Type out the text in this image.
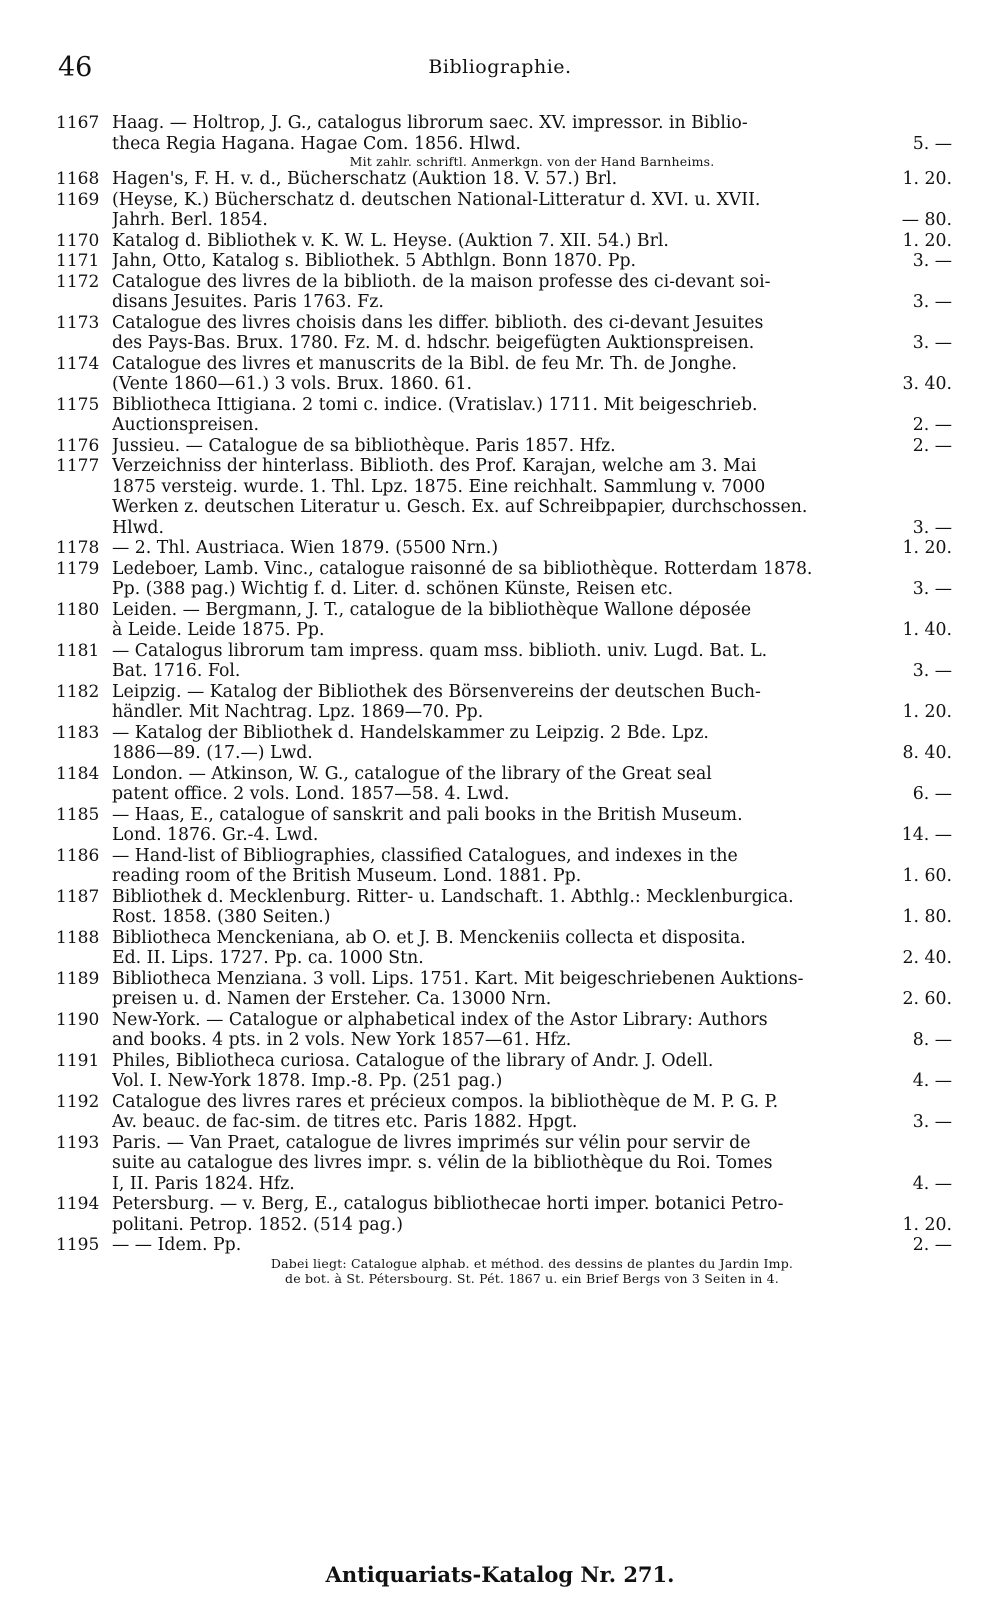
46	Bibliographie.
1167 Haag. — Holtrop, J. G., catalogus librorum saec. XV. impressor. in Biblio-
theca Regia Hagana. Hagae Com. 1856. Hlwd.	5. —
Mit zahlr. schriftl. Anmerkgn. von der Hand Barnheims.
1168 Hagen's, F. H. v. d., Bücherschatz (Auktion 18. V. 57.) Brl.	1. 20.
1169 (Heyse, K.) Bücherschatz d. deutschen National-Litteratur d. XVI. u. XVII.
Jahrh. Berl. 1854.	— 80.
1170 Katalog d. Bibliothek v. K. W. L. Heyse. (Auktion 7. XII. 54.) Brl.	1. 20.
1171 Jahn, Otto, Katalog s. Bibliothek. 5 Abthlgn. Bonn 1870. Pp.	3. —
1172 Catalogue des livres de la biblioth. de la maison professe des ci-devant soi-
disans Jesuites. Paris 1763. Fz.	3. —
1173 Catalogue des livres choisis dans les differ. biblioth. des ci-devant Jesuites
des Pays-Bas. Brux. 1780. Fz. M. d. hdschr. beigefügten Auktionspreisen.	3. —
1174 Catalogue des livres et manuscrits de la Bibl. de feu Mr. Th. de Jonghe.
(Vente 1860—61.) 3 vols. Brux. 1860. 61.	3. 40.
1175 Bibliotheca Ittigiana. 2 tomi c. indice. (Vratislav.) 1711. Mit beigeschrieb.
Auctionspreisen.	2. —
1176 Jussieu. — Catalogue de sa bibliothèque. Paris 1857. Hfz.	2. —
1177 Verzeichniss der hinterlass. Biblioth. des Prof. Karajan, welche am 3. Mai
1875 versteig. wurde. 1. Thl. Lpz. 1875. Eine reichhalt. Sammlung v. 7000
Werken z. deutschen Literatur u. Gesch. Ex. auf Schreibpapier, durchschossen.
Hlwd.	3. —
1178 — 2. Thl. Austriaca. Wien 1879. (5500 Nrn.)	1. 20.
1179 Ledeboer, Lamb. Vinc., catalogue raisonné de sa bibliothèque. Rotterdam 1878.
Pp. (388 pag.) Wichtig f. d. Liter. d. schönen Künste, Reisen etc.	3. —
1180 Leiden. — Bergmann, J. T., catalogue de la bibliothèque Wallone déposée
à Leide. Leide 1875. Pp.	1. 40.
1181 — Catalogus librorum tam impress. quam mss. biblioth. univ. Lugd. Bat. L.
Bat. 1716. Fol.	3. —
1182 Leipzig. — Katalog der Bibliothek des Börsenvereins der deutschen Buch-
händler. Mit Nachtrag. Lpz. 1869—70. Pp.	1. 20.
1183 — Katalog der Bibliothek d. Handelskammer zu Leipzig. 2 Bde. Lpz.
1886—89. (17.—) Lwd.	8. 40.
1184 London. — Atkinson, W. G., catalogue of the library of the Great seal
patent office. 2 vols. Lond. 1857—58. 4. Lwd.	6. —
1185 — Haas, E., catalogue of sanskrit and pali books in the British Museum.
Lond. 1876. Gr.-4. Lwd.	14. —
1186 — Hand-list of Bibliographies, classified Catalogues, and indexes in the
reading room of the British Museum. Lond. 1881. Pp.	1. 60.
1187 Bibliothek d. Mecklenburg. Ritter- u. Landschaft. 1. Abthlg.: Mecklenburgica.
Rost. 1858. (380 Seiten.)	1. 80.
1188 Bibliotheca Menckeniana, ab O. et J. B. Menckeniis collecta et disposita.
Ed. II. Lips. 1727. Pp. ca. 1000 Stn.	2. 40.
1189 Bibliotheca Menziana. 3 voll. Lips. 1751. Kart. Mit beigeschriebenen Auktions-
preisen u. d. Namen der Ersteher. Ca. 13000 Nrn.	2. 60.
1190 New-York. — Catalogue or alphabetical index of the Astor Library: Authors
and books. 4 pts. in 2 vols. New York 1857—61. Hfz.	8. —
1191 Philes, Bibliotheca curiosa. Catalogue of the library of Andr. J. Odell.
Vol. I. New-York 1878. Imp.-8. Pp. (251 pag.)	4. —
1192 Catalogue des livres rares et précieux compos. la bibliothèque de M. P. G. P.
Av. beauc. de fac-sim. de titres etc. Paris 1882. Hpgt.	3. —
1193 Paris. — Van Praet, catalogue de livres imprimés sur vélin pour servir de
suite au catalogue des livres impr. s. vélin de la bibliothèque du Roi. Tomes
I, II. Paris 1824. Hfz.	4. —
1194 Petersburg. — v. Berg, E., catalogus bibliothecae horti imper. botanici Petro-
politani. Petrop. 1852. (514 pag.)	1. 20.
1195 — — Idem. Pp.	2. —
Dabei liegt: Catalogue alphab. et méthod. des dessins de plantes du Jardin Imp.
de bot. à St. Pétersbourg. St. Pét. 1867 u. ein Brief Bergs von 3 Seiten in 4.
Antiquariats-Katalog Nr. 271.
